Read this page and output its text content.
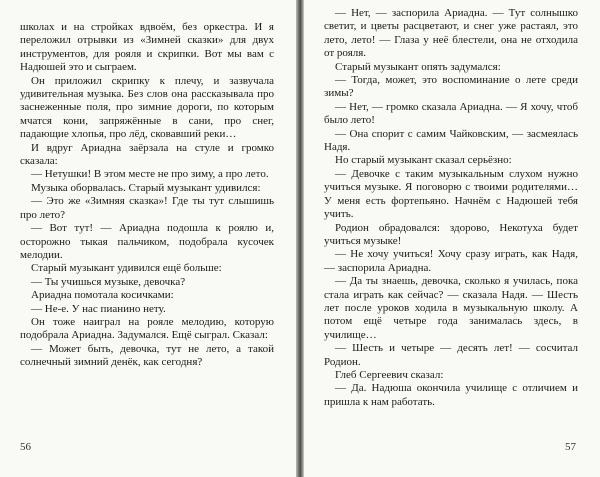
школах и на стройках вдвоём, без оркестра. И я переложил отрывки из «Зимней сказки» для двух инструментов, для рояля и скрипки. Вот мы вам с Надюшей это и сыграем.

Он приложил скрипку к плечу, и зазвучала удивительная музыка. Без слов она рассказывала про заснеженные поля, про зимние дороги, по которым мчатся кони, запряжённые в сани, про снег, падающие хлопья, про лёд, сковавший реки…

И вдруг Ариадна заёрзала на стуле и громко сказала:

— Нетушки! В этом месте не про зиму, а про лето.

Музыка оборвалась. Старый музыкант удивился:

— Это же «Зимняя сказка»! Где ты тут слышишь про лето?

— Вот тут! — Ариадна подошла к роялю и, осторожно тыкая пальчиком, подобрала кусочек мелодии.

Старый музыкант удивился ещё больше:

— Ты учишься музыке, девочка?

Ариадна помотала косичками:

— Не-е. У нас пианино нету.

Он тоже наиграл на рояле мелодию, которую подобрала Ариадна. Задумался. Ещё сыграл. Сказал:

— Может быть, девочка, тут не лето, а такой солнечный зимний денёк, как сегодня?

56

— Нет, — заспорила Ариадна. — Тут солнышко светит, и цветы расцветают, и снег уже растаял, это лето, лето! — Глаза у неё блестели, она не отходила от рояля.

Старый музыкант опять задумался:

— Тогда, может, это воспоминание о лете среди зимы?

— Нет, — громко сказала Ариадна. — Я хочу, чтоб было лето!

— Она спорит с самим Чайковским, — засмеялась Надя.

Но старый музыкант сказал серьёзно:

— Девочке с таким музыкальным слухом нужно учиться музыке. Я поговорю с твоими родителями… У меня есть фортепьяно. Начнём с Надюшей тебя учить.

Родион обрадовался: здорово, Некотуха будет учиться музыке!

— Не хочу учиться! Хочу сразу играть, как Надя, — заспорила Ариадна.

— Да ты знаешь, девочка, сколько я училась, пока стала играть как сейчас? — сказала Надя. — Шесть лет после уроков ходила в музыкальную школу. А потом ещё четыре года занималась здесь, в училище…

— Шесть и четыре — десять лет! — сосчитал Родион.

Глеб Сергеевич сказал:

— Да. Надюша окончила училище с отличием и пришла к нам работать.

57
